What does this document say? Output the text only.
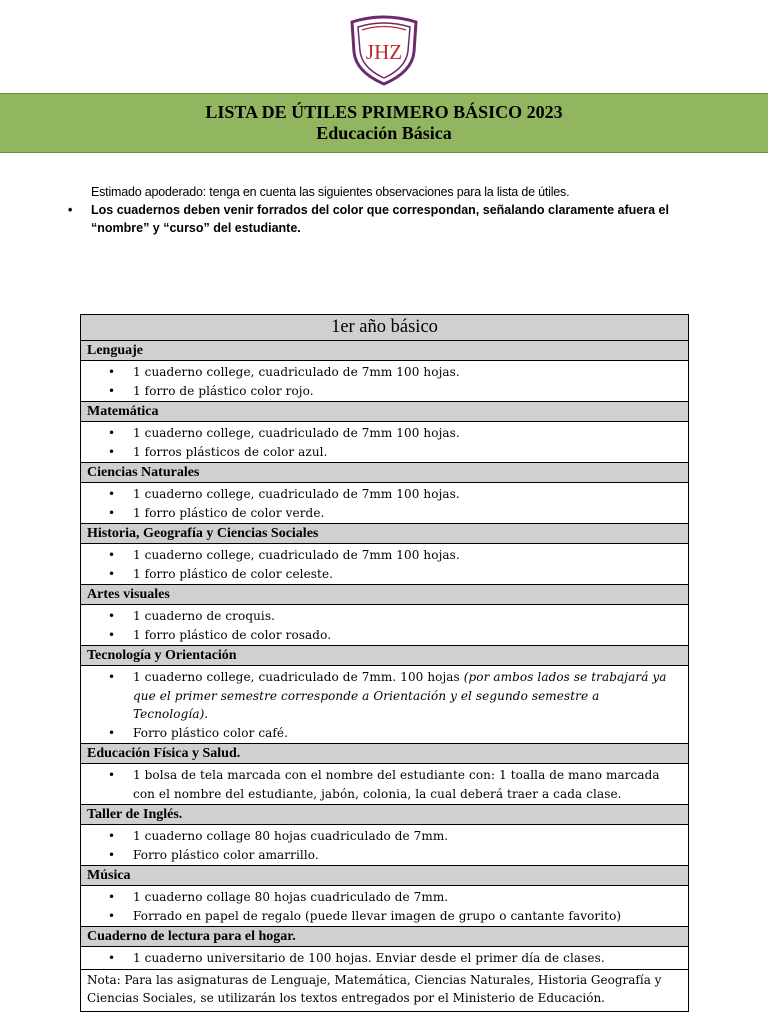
JHZ
LISTA DE ÚTILES PRIMERO BÁSICO 2023
Educación Básica
Estimado apoderado: tenga en cuenta las siguientes observaciones para la lista de útiles.
• Los cuadernos deben venir forrados del color que correspondan, señalando claramente afuera el “nombre” y “curso” del estudiante.
1er año básico
Lenguaje

• 1 cuaderno college, cuadriculado de 7mm 100 hojas.
• 1 forro de plástico color rojo.

Matemática

• 1 cuaderno college, cuadriculado de 7mm 100 hojas.
• 1 forros plásticos de color azul.

Ciencias Naturales

• 1 cuaderno college, cuadriculado de 7mm 100 hojas.
• 1 forro plástico de color verde.

Historia, Geografía y Ciencias Sociales

• 1 cuaderno college, cuadriculado de 7mm 100 hojas.
• 1 forro plástico de color celeste.

Artes visuales

• 1 cuaderno de croquis.
• 1 forro plástico de color rosado.

Tecnología y Orientación

• 1 cuaderno college, cuadriculado de 7mm. 100 hojas (por ambos lados se trabajará ya que el primer semestre corresponde a Orientación y el segundo semestre a Tecnología).
• Forro plástico color café.

Educación Física y Salud.

• 1 bolsa de tela marcada con el nombre del estudiante con: 1 toalla de mano marcada con el nombre del estudiante, jabón, colonia, la cual deberá traer a cada clase.

Taller de Inglés.

• 1 cuaderno collage 80 hojas cuadriculado de 7mm.
• Forro plástico color amarrillo.

Música

• 1 cuaderno collage 80 hojas cuadriculado de 7mm.
• Forrado en papel de regalo (puede llevar imagen de grupo o cantante favorito)

Cuaderno de lectura para el hogar.

• 1 cuaderno universitario de 100 hojas. Enviar desde el primer día de clases.

Nota: Para las asignaturas de Lenguaje, Matemática, Ciencias Naturales, Historia Geografía y Ciencias Sociales, se utilizarán los textos entregados por el Ministerio de Educación.
